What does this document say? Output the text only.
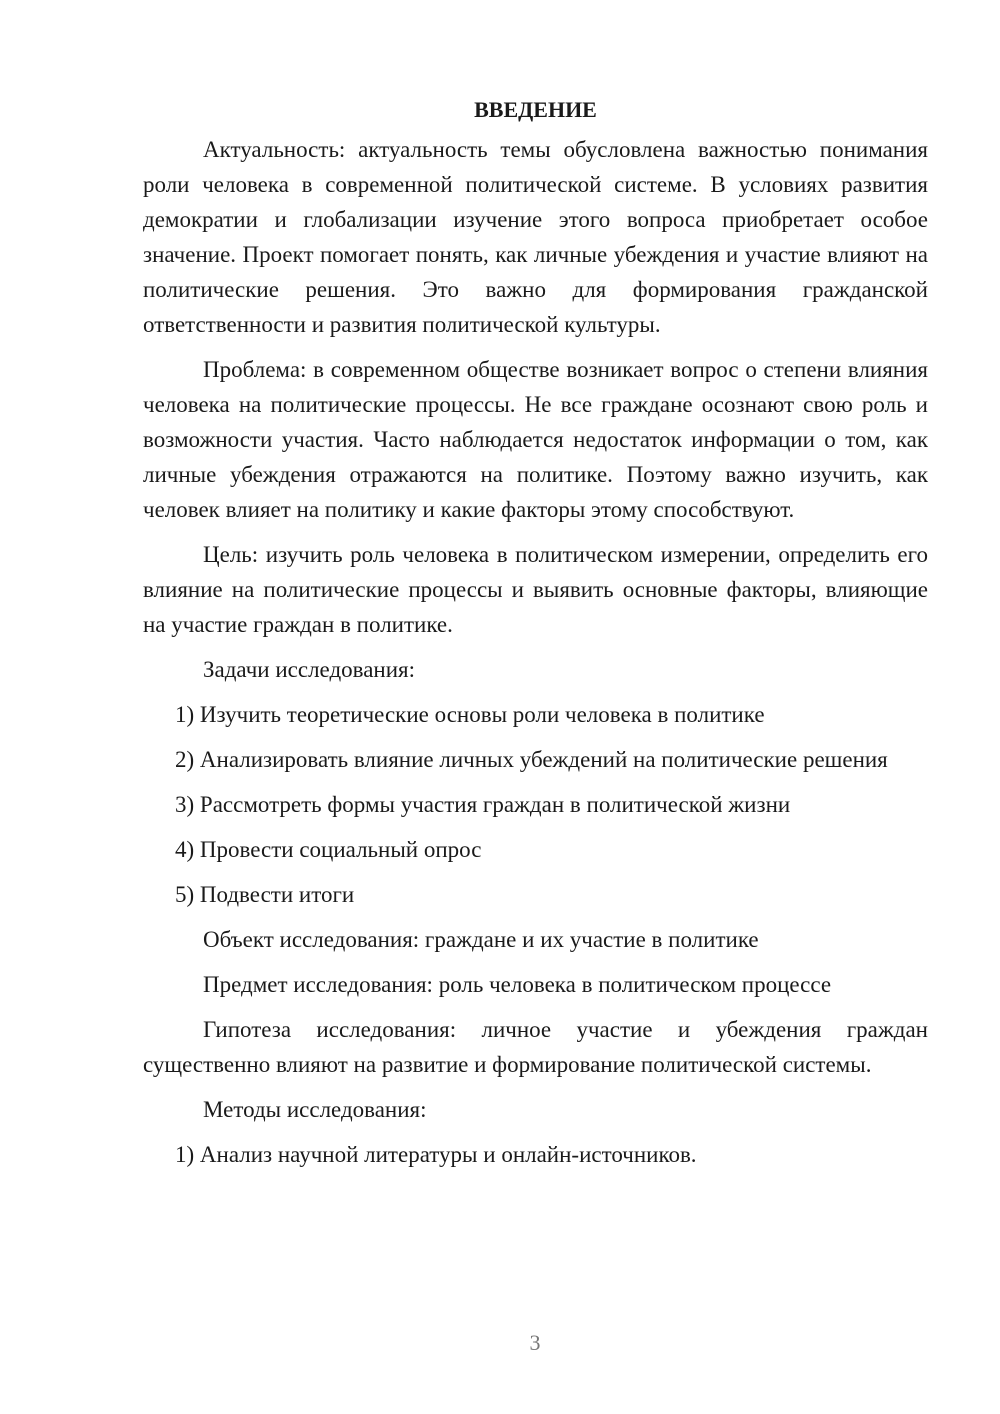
ВВЕДЕНИЕ

Актуальность: актуальность темы обусловлена важностью понимания роли человека в современной политической системе. В условиях развития демократии и глобализации изучение этого вопроса приобретает особое значение. Проект помогает понять, как личные убеждения и участие влияют на политические решения. Это важно для формирования гражданской ответственности и развития политической культуры.

Проблема: в современном обществе возникает вопрос о степени влияния человека на политические процессы. Не все граждане осознают свою роль и возможности участия. Часто наблюдается недостаток информации о том, как личные убеждения отражаются на политике. Поэтому важно изучить, как человек влияет на политику и какие факторы этому способствуют.

Цель: изучить роль человека в политическом измерении, определить его влияние на политические процессы и выявить основные факторы, влияющие на участие граждан в политике.

Задачи исследования:

1) Изучить теоретические основы роли человека в политике

2) Анализировать влияние личных убеждений на политические решения

3) Рассмотреть формы участия граждан в политической жизни

4) Провести социальный опрос

5) Подвести итоги

Объект исследования: граждане и их участие в политике

Предмет исследования: роль человека в политическом процессе

Гипотеза исследования: личное участие и убеждения граждан существенно влияют на развитие и формирование политической системы.

Методы исследования:

1) Анализ научной литературы и онлайн-источников.

3
